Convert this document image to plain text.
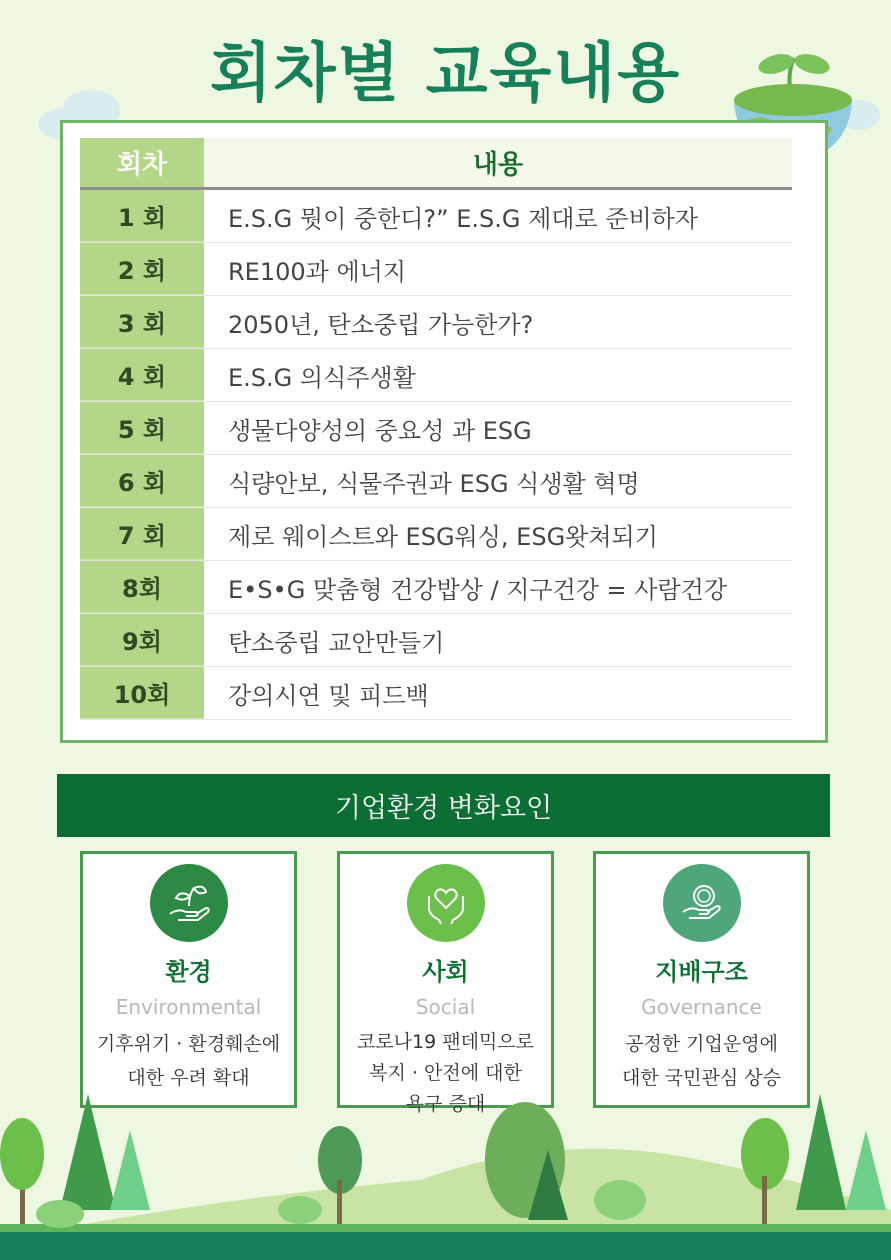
회차별 교육내용
회차	내용
1 회	E.S.G 뭣이 중한디?” E.S.G 제대로 준비하자
2 회	RE100과 에너지
3 회	2050년, 탄소중립 가능한가?
4 회	E.S.G 의식주생활
5 회	생물다양성의 중요성 과 ESG
6 회	식량안보, 식물주권과 ESG 식생활 혁명
7 회	제로 웨이스트와 ESG워싱, ESG왓쳐되기
8회	E•S•G 맞춤형 건강밥상 / 지구건강 = 사람건강
9회	탄소중립 교안만들기
10회	강의시연 및 피드백
기업환경 변화요인
환경
Environmental
기후위기 · 환경훼손에
대한 우려 확대
사회
Social
코로나19 팬데믹으로
복지 · 안전에 대한
욕구 증대
지배구조
Governance
공정한 기업운영에
대한 국민관심 상승
